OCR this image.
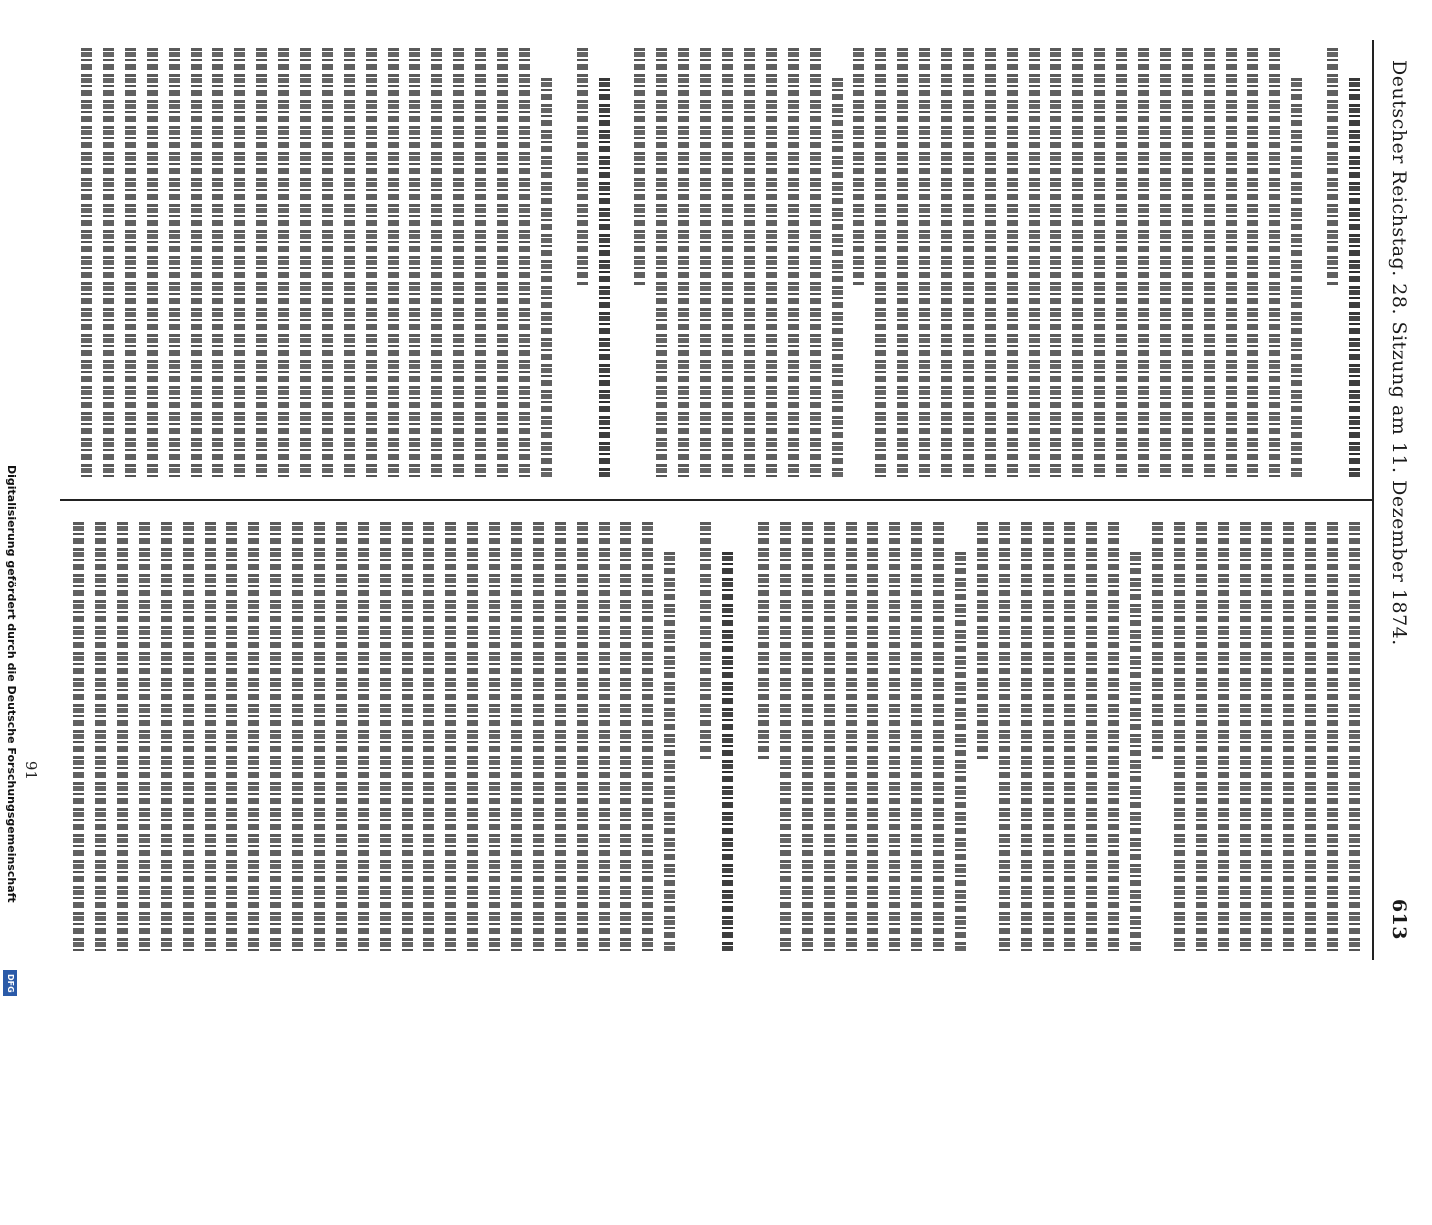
Deutscher Reichstag. 28. Sitzung am 11. Dezember 1874.
613
91
Digitalisierung gefördert durch die Deutsche Forschungsgemeinschaft
DFG
